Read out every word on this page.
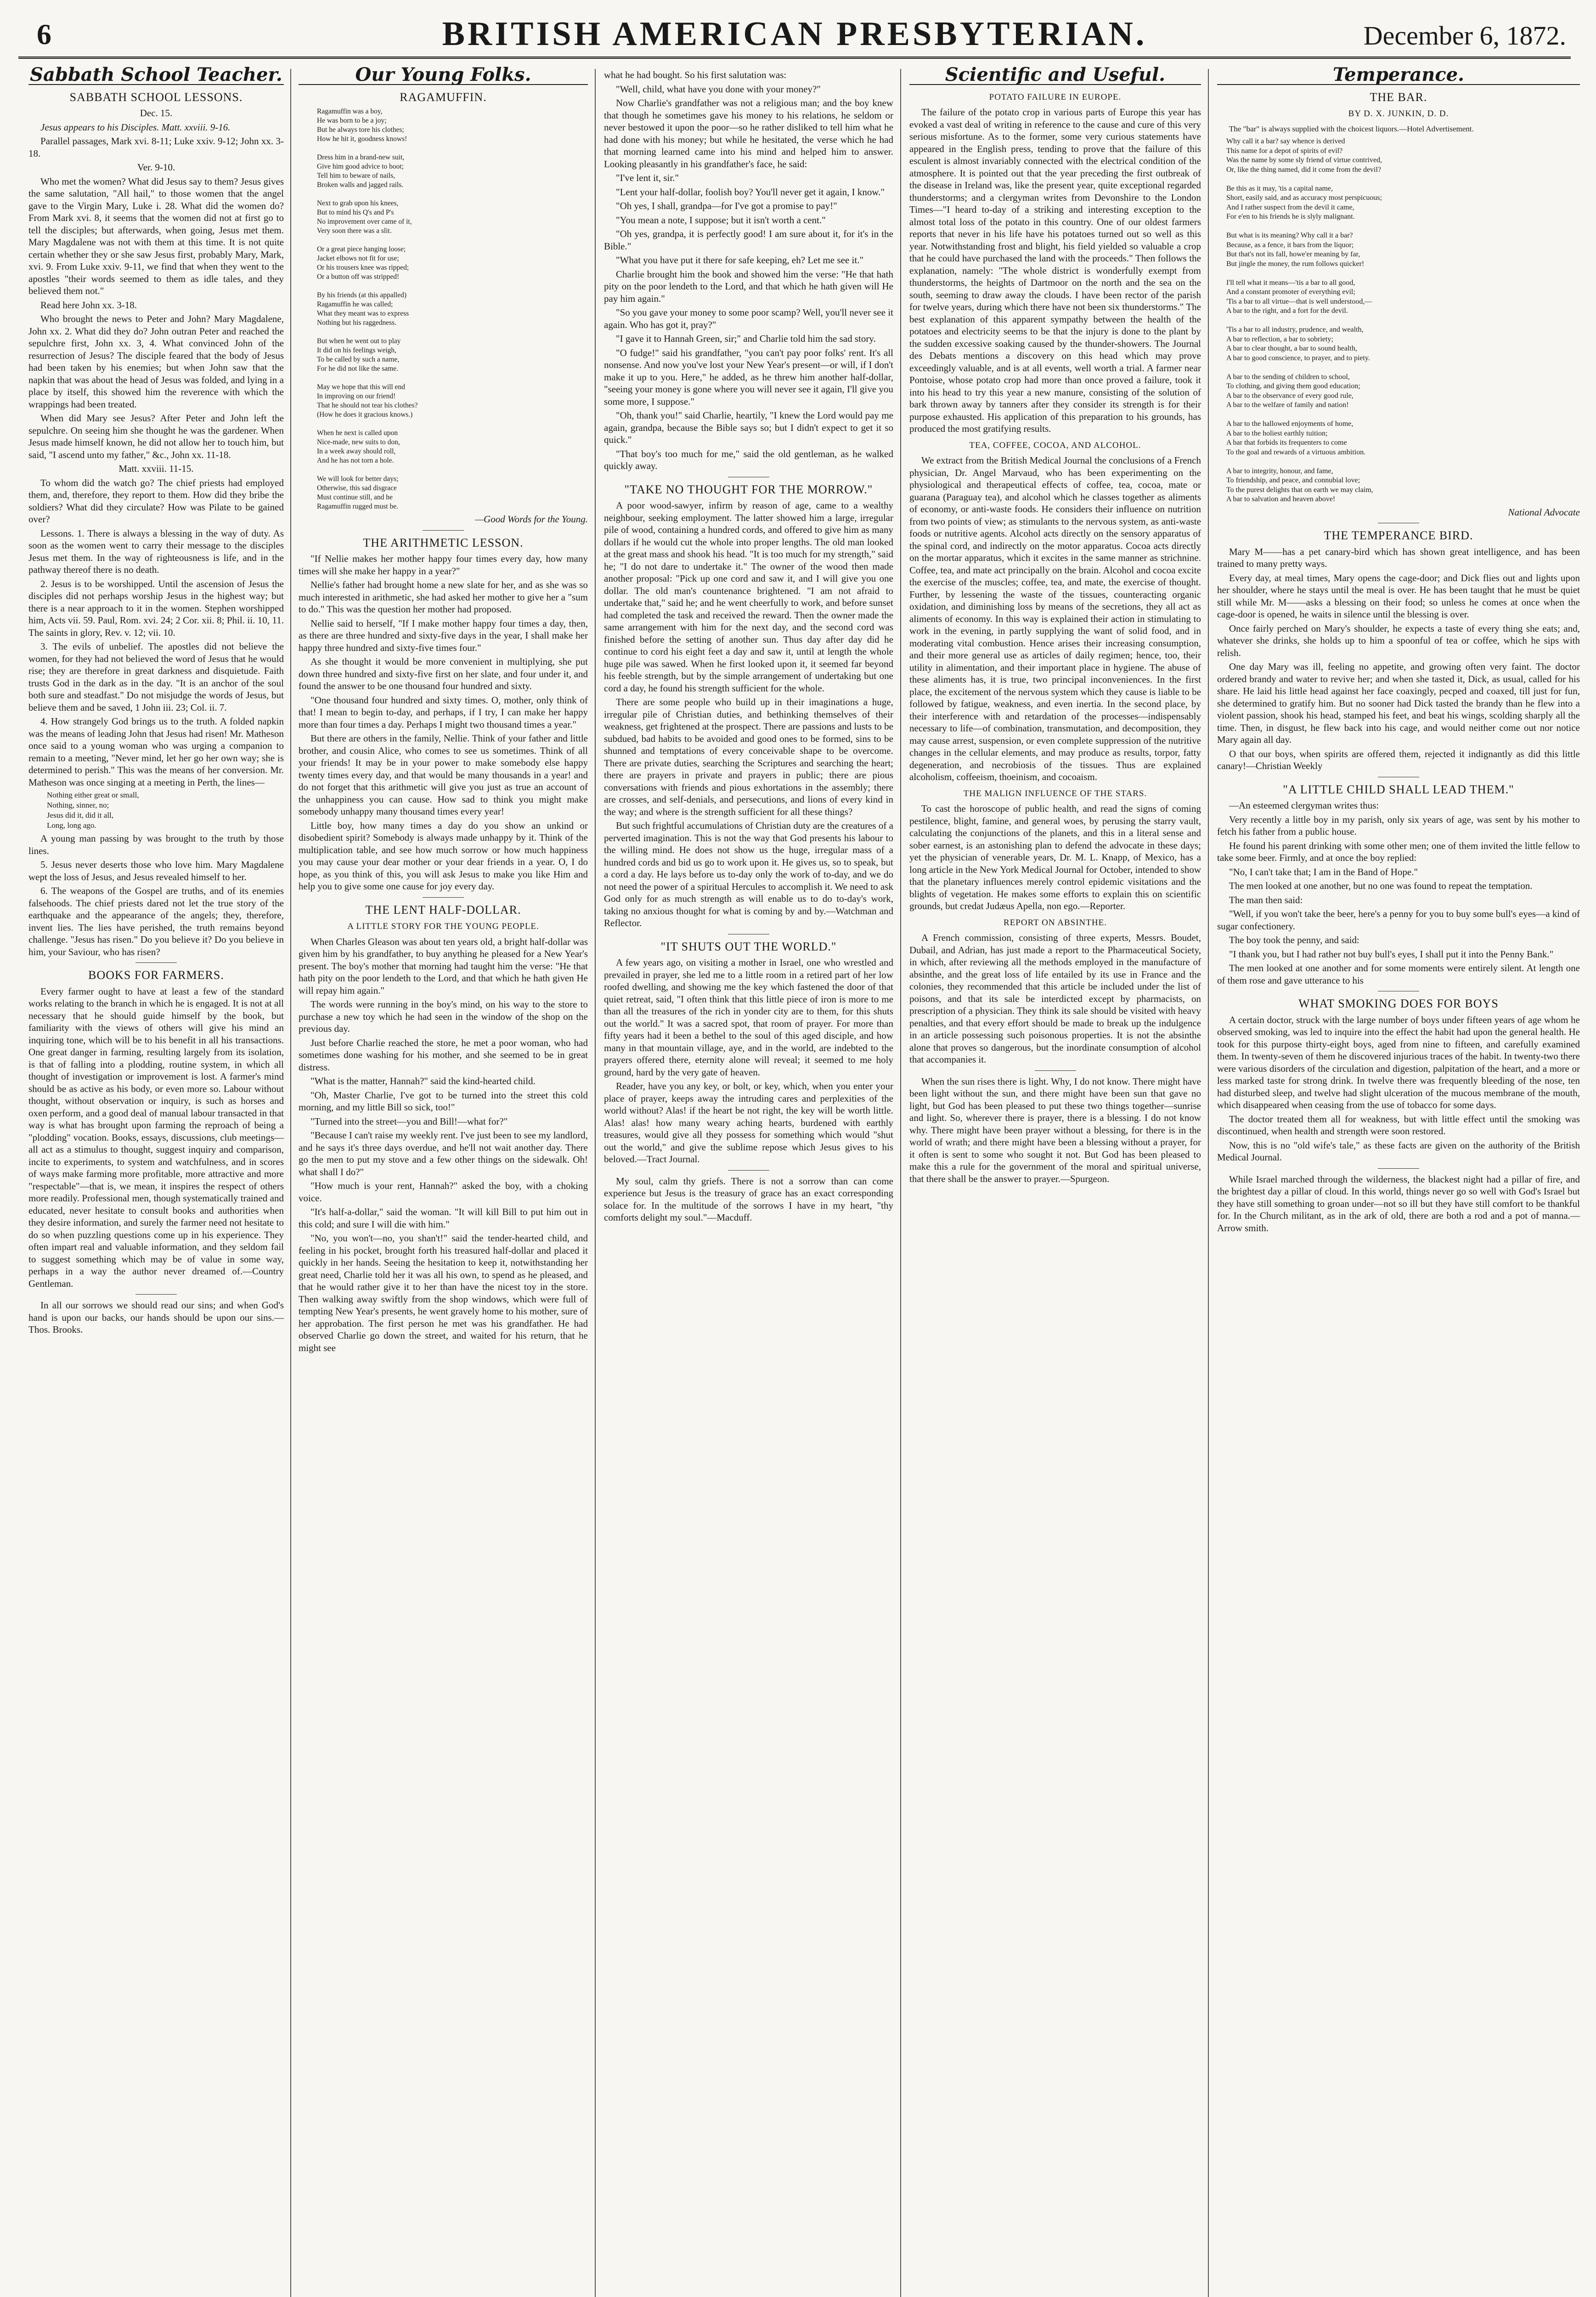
6	BRITISH AMERICAN PRESBYTERIAN.	December 6, 1872.
Sabbath School Teacher.
SABBATH SCHOOL LESSONS.

Dec. 15.

Jesus appears to his Disciples. Matt. xxviii. 9-16.

Parallel passages, Mark xvi. 8-11; Luke xxiv. 9-12; John xx. 3-18.

Ver. 9-10.

Who met the women? What did Jesus say to them? Jesus gives the same salutation, "All hail," to those women that the angel gave to the Virgin Mary, Luke i. 28. What did the women do? From Mark xvi. 8, it seems that the women did not at first go to tell the disciples; but afterwards, when going, Jesus met them. Mary Magdalene was not with them at this time. It is not quite certain whether they or she saw Jesus first, probably Mary, Mark, xvi. 9. From Luke xxiv. 9-11, we find that when they went to the apostles "their words seemed to them as idle tales, and they believed them not."

Read here John xx. 3-18.

Who brought the news to Peter and John? Mary Magdalene, John xx. 2. What did they do? John outran Peter and reached the sepulchre first, John xx. 3, 4. What convinced John of the resurrection of Jesus? The disciple feared that the body of Jesus had been taken by his enemies; but when John saw that the napkin that was about the head of Jesus was folded, and lying in a place by itself, this showed him the reverence with which the wrappings had been treated.

When did Mary see Jesus? After Peter and John left the sepulchre. On seeing him she thought he was the gardener. When Jesus made himself known, he did not allow her to touch him, but said, "I ascend unto my father," &c., John xx. 11-18.

Matt. xxviii. 11-15.

To whom did the watch go? The chief priests had employed them, and, therefore, they report to them. How did they bribe the soldiers? What did they circulate? How was Pilate to be gained over?

Lessons. 1. There is always a blessing in the way of duty. As soon as the women went to carry their message to the disciples Jesus met them. In the way of righteousness is life, and in the pathway thereof there is no death.

2. Jesus is to be worshipped. Until the ascension of Jesus the disciples did not perhaps worship Jesus in the highest way; but there is a near approach to it in the women. Stephen worshipped him, Acts vii. 59. Paul, Rom. xvi. 24; 2 Cor. xii. 8; Phil. ii. 10, 11. The saints in glory, Rev. v. 12; vii. 10.

3. The evils of unbelief. The apostles did not believe the women, for they had not believed the word of Jesus that he would rise; they are therefore in great darkness and disquietude. Faith trusts God in the dark as in the day. "It is an anchor of the soul both sure and steadfast." Do not misjudge the words of Jesus, but believe them and be saved, 1 John iii. 23; Col. ii. 7.

4. How strangely God brings us to the truth. A folded napkin was the means of leading John that Jesus had risen! Mr. Matheson once said to a young woman who was urging a companion to remain to a meeting, "Never mind, let her go her own way; she is determined to perish." This was the means of her conversion. Mr. Matheson was once singing at a meeting in Perth, the lines—

Nothing either great or small,
Nothing, sinner, no;
Jesus did it, did it all,
Long, long ago.

A young man passing by was brought to the truth by those lines.

5. Jesus never deserts those who love him. Mary Magdalene wept the loss of Jesus, and Jesus revealed himself to her.

6. The weapons of the Gospel are truths, and of its enemies falsehoods. The chief priests dared not let the true story of the earthquake and the appearance of the angels; they, therefore, invent lies. The lies have perished, the truth remains beyond challenge. "Jesus has risen." Do you believe it? Do you believe in him, your Saviour, who has risen?

BOOKS FOR FARMERS.

Every farmer ought to have at least a few of the standard works relating to the branch in which he is engaged. It is not at all necessary that he should guide himself by the book, but familiarity with the views of others will give his mind an inquiring tone, which will be to his benefit in all his transactions. One great danger in farming, resulting largely from its isolation, is that of falling into a plodding, routine system, in which all thought of investigation or improvement is lost. A farmer's mind should be as active as his body, or even more so. Labour without thought, without observation or inquiry, is such as horses and oxen perform, and a good deal of manual labour transacted in that way is what has brought upon farming the reproach of being a "plodding" vocation. Books, essays, discussions, club meetings—all act as a stimulus to thought, suggest inquiry and comparison, incite to experiments, to system and watchfulness, and in scores of ways make farming more profitable, more attractive and more "respectable"—that is, we mean, it inspires the respect of others more readily. Professional men, though systematically trained and educated, never hesitate to consult books and authorities when they desire information, and surely the farmer need not hesitate to do so when puzzling questions come up in his experience. They often impart real and valuable information, and they seldom fail to suggest something which may be of value in some way, perhaps in a way the author never dreamed of.—Country Gentleman.

In all our sorrows we should read our sins; and when God's hand is upon our backs, our hands should be upon our sins.—Thos. Brooks.

Our Young Folks.
RAGAMUFFIN.
Ragamuffin was a boy,
He was born to be a joy;
But he always tore his clothes;
How he hit it, goodness knows!

Dress him in a brand-new suit,
Give him good advice to boot;
Tell him to beware of nails,
Broken walls and jagged rails.

Next to grab upon his knees,
But to mind his Q's and P's
No improvement over came of it,
Very soon there was a slit.

Or a great piece hanging loose;
Jacket elbows not fit for use;
Or his trousers knee was ripped;
Or a button off was stripped!

By his friends (at this appalled)
Ragamuffin he was called;
What they meant was to express
Nothing but his raggedness.

But when he went out to play
It did on his feelings weigh,
To be called by such a name,
For he did not like the same.

May we hope that this will end
In improving on our friend!
That he should not tear his clothes?
(How he does it gracious knows.)

When he next is called upon
Nice-made, new suits to don,
In a week away should roll,
And he has not torn a hole.

We will look for better days;
Otherwise, this sad disgrace
Must continue still, and he
Ragamuffin rugged must be.
—Good Words for the Young.
THE ARITHMETIC LESSON.

"If Nellie makes her mother happy four times every day, how many times will she make her happy in a year?"

Nellie's father had brought home a new slate for her, and as she was so much interested in arithmetic, she had asked her mother to give her a "sum to do." This was the question her mother had proposed.

Nellie said to herself, "If I make mother happy four times a day, then, as there are three hundred and sixty-five days in the year, I shall make her happy three hundred and sixty-five times four."

As she thought it would be more convenient in multiplying, she put down three hundred and sixty-five first on her slate, and four under it, and found the answer to be one thousand four hundred and sixty.

"One thousand four hundred and sixty times. O, mother, only think of that! I mean to begin to-day, and perhaps, if I try, I can make her happy more than four times a day. Perhaps I might two thousand times a year."

But there are others in the family, Nellie. Think of your father and little brother, and cousin Alice, who comes to see us sometimes. Think of all your friends! It may be in your power to make somebody else happy twenty times every day, and that would be many thousands in a year! and do not forget that this arithmetic will give you just as true an account of the unhappiness you can cause. How sad to think you might make somebody unhappy many thousand times every year!

Little boy, how many times a day do you show an unkind or disobedient spirit? Somebody is always made unhappy by it. Think of the multiplication table, and see how much sorrow or how much happiness you may cause your dear mother or your dear friends in a year. O, I do hope, as you think of this, you will ask Jesus to make you like Him and help you to give some one cause for joy every day.

THE LENT HALF-DOLLAR.
A LITTLE STORY FOR THE YOUNG PEOPLE.

When Charles Gleason was about ten years old, a bright half-dollar was given him by his grandfather, to buy anything he pleased for a New Year's present. The boy's mother that morning had taught him the verse: "He that hath pity on the poor lendeth to the Lord, and that which he hath given He will repay him again."

The words were running in the boy's mind, on his way to the store to purchase a new toy which he had seen in the window of the shop on the previous day.

Just before Charlie reached the store, he met a poor woman, who had sometimes done washing for his mother, and she seemed to be in great distress.

"What is the matter, Hannah?" said the kind-hearted child.

"Oh, Master Charlie, I've got to be turned into the street this cold morning, and my little Bill so sick, too!"

"Turned into the street—you and Bill!—what for?"

"Because I can't raise my weekly rent. I've just been to see my landlord, and he says it's three days overdue, and he'll not wait another day. There go the men to put my stove and a few other things on the sidewalk. Oh! what shall I do?"

"How much is your rent, Hannah?" asked the boy, with a choking voice.

"It's half-a-dollar," said the woman. "It will kill Bill to put him out in this cold; and sure I will die with him."

"No, you won't—no, you shan't!" said the tender-hearted child, and feeling in his pocket, brought forth his treasured half-dollar and placed it quickly in her hands. Seeing the hesitation to keep it, notwithstanding her great need, Charlie told her it was all his own, to spend as he pleased, and that he would rather give it to her than have the nicest toy in the store. Then walking away swiftly from the shop windows, which were full of tempting New Year's presents, he went gravely home to his mother, sure of her approbation. The first person he met was his grandfather. He had observed Charlie go down the street, and waited for his return, that he might see

what he had bought. So his first salutation was:

"Well, child, what have you done with your money?"

Now Charlie's grandfather was not a religious man; and the boy knew that though he sometimes gave his money to his relations, he seldom or never bestowed it upon the poor—so he rather disliked to tell him what he had done with his money; but while he hesitated, the verse which he had that morning learned came into his mind and helped him to answer. Looking pleasantly in his grandfather's face, he said:

"I've lent it, sir."

"Lent your half-dollar, foolish boy? You'll never get it again, I know."

"Oh yes, I shall, grandpa—for I've got a promise to pay!"

"You mean a note, I suppose; but it isn't worth a cent."

"Oh yes, grandpa, it is perfectly good! I am sure about it, for it's in the Bible."

"What you have put it there for safe keeping, eh? Let me see it."

Charlie brought him the book and showed him the verse: "He that hath pity on the poor lendeth to the Lord, and that which he hath given will He pay him again."

"So you gave your money to some poor scamp? Well, you'll never see it again. Who has got it, pray?"

"I gave it to Hannah Green, sir;" and Charlie told him the sad story.

"O fudge!" said his grandfather, "you can't pay poor folks' rent. It's all nonsense. And now you've lost your New Year's present—or will, if I don't make it up to you. Here," he added, as he threw him another half-dollar, "seeing your money is gone where you will never see it again, I'll give you some more, I suppose."

"Oh, thank you!" said Charlie, heartily, "I knew the Lord would pay me again, grandpa, because the Bible says so; but I didn't expect to get it so quick."

"That boy's too much for me," said the old gentleman, as he walked quickly away.

"TAKE NO THOUGHT FOR THE MORROW."

A poor wood-sawyer, infirm by reason of age, came to a wealthy neighbour, seeking employment. The latter showed him a large, irregular pile of wood, containing a hundred cords, and offered to give him as many dollars if he would cut the whole into proper lengths. The old man looked at the great mass and shook his head. "It is too much for my strength," said he; "I do not dare to undertake it." The owner of the wood then made another proposal: "Pick up one cord and saw it, and I will give you one dollar. The old man's countenance brightened. "I am not afraid to undertake that," said he; and he went cheerfully to work, and before sunset had completed the task and received the reward. Then the owner made the same arrangement with him for the next day, and the second cord was finished before the setting of another sun. Thus day after day did he continue to cord his eight feet a day and saw it, until at length the whole huge pile was sawed. When he first looked upon it, it seemed far beyond his feeble strength, but by the simple arrangement of undertaking but one cord a day, he found his strength sufficient for the whole.

There are some people who build up in their imaginations a huge, irregular pile of Christian duties, and bethinking themselves of their weakness, get frightened at the prospect. There are passions and lusts to be subdued, bad habits to be avoided and good ones to be formed, sins to be shunned and temptations of every conceivable shape to be overcome. There are private duties, searching the Scriptures and searching the heart; there are prayers in private and prayers in public; there are pious conversations with friends and pious exhortations in the assembly; there are crosses, and self-denials, and persecutions, and lions of every kind in the way; and where is the strength sufficient for all these things?

But such frightful accumulations of Christian duty are the creatures of a perverted imagination. This is not the way that God presents his labour to the willing mind. He does not show us the huge, irregular mass of a hundred cords and bid us go to work upon it. He gives us, so to speak, but a cord a day. He lays before us to-day only the work of to-day, and we do not need the power of a spiritual Hercules to accomplish it. We need to ask God only for as much strength as will enable us to do to-day's work, taking no anxious thought for what is coming by and by.—Watchman and Reflector.

"IT SHUTS OUT THE WORLD."

A few years ago, on visiting a mother in Israel, one who wrestled and prevailed in prayer, she led me to a little room in a retired part of her low roofed dwelling, and showing me the key which fastened the door of that quiet retreat, said, "I often think that this little piece of iron is more to me than all the treasures of the rich in yonder city are to them, for this shuts out the world." It was a sacred spot, that room of prayer. For more than fifty years had it been a bethel to the soul of this aged disciple, and how many in that mountain village, aye, and in the world, are indebted to the prayers offered there, eternity alone will reveal; it seemed to me holy ground, hard by the very gate of heaven.

Reader, have you any key, or bolt, or key, which, when you enter your place of prayer, keeps away the intruding cares and perplexities of the world without? Alas! if the heart be not right, the key will be worth little. Alas! alas! how many weary aching hearts, burdened with earthly treasures, would give all they possess for something which would "shut out the world," and give the sublime repose which Jesus gives to his beloved.—Tract Journal.

My soul, calm thy griefs. There is not a sorrow than can come experience but Jesus is the treasury of grace has an exact corresponding solace for. In the multitude of the sorrows I have in my heart, "thy comforts delight my soul."—Macduff.

Scientific and Useful.
POTATO FAILURE IN EUROPE.

The failure of the potato crop in various parts of Europe this year has evoked a vast deal of writing in reference to the cause and cure of this very serious misfortune. As to the former, some very curious statements have appeared in the English press, tending to prove that the failure of this esculent is almost invariably connected with the electrical condition of the atmosphere. It is pointed out that the year preceding the first outbreak of the disease in Ireland was, like the present year, quite exceptional regarded thunderstorms; and a clergyman writes from Devonshire to the London Times—"I heard to-day of a striking and interesting exception to the almost total loss of the potato in this country. One of our oldest farmers reports that never in his life have his potatoes turned out so well as this year. Notwithstanding frost and blight, his field yielded so valuable a crop that he could have purchased the land with the proceeds." Then follows the explanation, namely: "The whole district is wonderfully exempt from thunderstorms, the heights of Dartmoor on the north and the sea on the south, seeming to draw away the clouds. I have been rector of the parish for twelve years, during which there have not been six thunderstorms." The best explanation of this apparent sympathy between the health of the potatoes and electricity seems to be that the injury is done to the plant by the sudden excessive soaking caused by the thunder-showers. The Journal des Debats mentions a discovery on this head which may prove exceedingly valuable, and is at all events, well worth a trial. A farmer near Pontoise, whose potato crop had more than once proved a failure, took it into his head to try this year a new manure, consisting of the solution of bark thrown away by tanners after they consider its strength is for their purpose exhausted. His application of this preparation to his grounds, has produced the most gratifying results.

TEA, COFFEE, COCOA, AND ALCOHOL.

We extract from the British Medical Journal the conclusions of a French physician, Dr. Angel Marvaud, who has been experimenting on the physiological and therapeutical effects of coffee, tea, cocoa, mate or guarana (Paraguay tea), and alcohol which he classes together as aliments of economy, or anti-waste foods. He considers their influence on nutrition from two points of view; as stimulants to the nervous system, as anti-waste foods or nutritive agents. Alcohol acts directly on the sensory apparatus of the spinal cord, and indirectly on the motor apparatus. Cocoa acts directly on the mortar apparatus, which it excites in the same manner as strichnine. Coffee, tea, and mate act principally on the brain. Alcohol and cocoa excite the exercise of the muscles; coffee, tea, and mate, the exercise of thought. Further, by lessening the waste of the tissues, counteracting organic oxidation, and diminishing loss by means of the secretions, they all act as aliments of economy. In this way is explained their action in stimulating to work in the evening, in partly supplying the want of solid food, and in moderating vital combustion. Hence arises their increasing consumption, and their more general use as articles of daily regimen; hence, too, their utility in alimentation, and their important place in hygiene. The abuse of these aliments has, it is true, two principal inconveniences. In the first place, the excitement of the nervous system which they cause is liable to be followed by fatigue, weakness, and even inertia. In the second place, by their interference with and retardation of the processes—indispensably necessary to life—of combination, transmutation, and decomposition, they may cause arrest, suspension, or even complete suppression of the nutritive changes in the cellular elements, and may produce as results, torpor, fatty degeneration, and necrobiosis of the tissues. Thus are explained alcoholism, coffeeism, thoeinism, and cocoaism.

THE MALIGN INFLUENCE OF THE STARS.

To cast the horoscope of public health, and read the signs of coming pestilence, blight, famine, and general woes, by perusing the starry vault, calculating the conjunctions of the planets, and this in a literal sense and sober earnest, is an astonishing plan to defend the advocate in these days; yet the physician of venerable years, Dr. M. L. Knapp, of Mexico, has a long article in the New York Medical Journal for October, intended to show that the planetary influences merely control epidemic visitations and the blights of vegetation. He makes some efforts to explain this on scientific grounds, but credat Judæus Apella, non ego.—Reporter.

REPORT ON ABSINTHE.

A French commission, consisting of three experts, Messrs. Boudet, Dubail, and Adrian, has just made a report to the Pharmaceutical Society, in which, after reviewing all the methods employed in the manufacture of absinthe, and the great loss of life entailed by its use in France and the colonies, they recommended that this article be included under the list of poisons, and that its sale be interdicted except by pharmacists, on prescription of a physician. They think its sale should be visited with heavy penalties, and that every effort should be made to break up the indulgence in an article possessing such poisonous properties. It is not the absinthe alone that proves so dangerous, but the inordinate consumption of alcohol that accompanies it.

When the sun rises there is light. Why, I do not know. There might have been light without the sun, and there might have been sun that gave no light, but God has been pleased to put these two things together—sunrise and light. So, wherever there is prayer, there is a blessing. I do not know why. There might have been prayer without a blessing, for there is in the world of wrath; and there might have been a blessing without a prayer, for it often is sent to some who sought it not. But God has been pleased to make this a rule for the government of the moral and spiritual universe, that there shall be the answer to prayer.—Spurgeon.

Temperance.
THE BAR.
BY D. X. JUNKIN, D. D.

The "bar" is always supplied with the choicest liquors.—Hotel Advertisement.

Why call it a bar? say whence is derived
This name for a depot of spirits of evil?
Was the name by some sly friend of virtue contrived,
Or, like the thing named, did it come from the devil?

Be this as it may, 'tis a capital name,
Short, easily said, and as accuracy most perspicuous;
And I rather suspect from the devil it came,
For e'en to his friends he is slyly malignant.

But what is its meaning? Why call it a bar?
Because, as a fence, it bars from the liquor;
But that's not its fall, howe'er meaning by far,
But jingle the money, the rum follows quicker!

I'll tell what it means—'tis a bar to all good,
And a constant promoter of everything evil;
'Tis a bar to all virtue—that is well understood,—
A bar to the right, and a fort for the devil.

'Tis a bar to all industry, prudence, and wealth,
A bar to reflection, a bar to sobriety;
A bar to clear thought, a bar to sound health,
A bar to good conscience, to prayer, and to piety.

A bar to the sending of children to school,
To clothing, and giving them good education;
A bar to the observance of every good rule,
A bar to the welfare of family and nation!

A bar to the hallowed enjoyments of home,
A bar to the holiest earthly tuition;
A bar that forbids its frequenters to come
To the goal and rewards of a virtuous ambition.

A bar to integrity, honour, and fame,
To friendship, and peace, and connubial love;
To the purest delights that on earth we may claim,
A bar to salvation and heaven above!
National Advocate
THE TEMPERANCE BIRD.

Mary M——has a pet canary-bird which has shown great intelligence, and has been trained to many pretty ways.

Every day, at meal times, Mary opens the cage-door; and Dick flies out and lights upon her shoulder, where he stays until the meal is over. He has been taught that he must be quiet still while Mr. M——asks a blessing on their food; so unless he comes at once when the cage-door is opened, he waits in silence until the blessing is over.

Once fairly perched on Mary's shoulder, he expects a taste of every thing she eats; and, whatever she drinks, she holds up to him a spoonful of tea or coffee, which he sips with relish.

One day Mary was ill, feeling no appetite, and growing often very faint. The doctor ordered brandy and water to revive her; and when she tasted it, Dick, as usual, called for his share. He laid his little head against her face coaxingly, pecped and coaxed, till just for fun, she determined to gratify him. But no sooner had Dick tasted the brandy than he flew into a violent passion, shook his head, stamped his feet, and beat his wings, scolding sharply all the time. Then, in disgust, he flew back into his cage, and would neither come out nor notice Mary again all day.

O that our boys, when spirits are offered them, rejected it indignantly as did this little canary!—Christian Weekly

"A LITTLE CHILD SHALL LEAD THEM."

—An esteemed clergyman writes thus:

Very recently a little boy in my parish, only six years of age, was sent by his mother to fetch his father from a public house.

He found his parent drinking with some other men; one of them invited the little fellow to take some beer. Firmly, and at once the boy replied:

"No, I can't take that; I am in the Band of Hope."

The men looked at one another, but no one was found to repeat the temptation.

The man then said:

"Well, if you won't take the beer, here's a penny for you to buy some bull's eyes—a kind of sugar confectionery.

The boy took the penny, and said:

"I thank you, but I had rather not buy bull's eyes, I shall put it into the Penny Bank."

The men looked at one another and for some moments were entirely silent. At length one of them rose and gave utterance to his

WHAT SMOKING DOES FOR BOYS

A certain doctor, struck with the large number of boys under fifteen years of age whom he observed smoking, was led to inquire into the effect the habit had upon the general health. He took for this purpose thirty-eight boys, aged from nine to fifteen, and carefully examined them. In twenty-seven of them he discovered injurious traces of the habit. In twenty-two there were various disorders of the circulation and digestion, palpitation of the heart, and a more or less marked taste for strong drink. In twelve there was frequently bleeding of the nose, ten had disturbed sleep, and twelve had slight ulceration of the mucous membrane of the mouth, which disappeared when ceasing from the use of tobacco for some days.

The doctor treated them all for weakness, but with little effect until the smoking was discontinued, when health and strength were soon restored.

Now, this is no "old wife's tale," as these facts are given on the authority of the British Medical Journal.

While Israel marched through the wilderness, the blackest night had a pillar of fire, and the brightest day a pillar of cloud. In this world, things never go so well with God's Israel but they have still something to groan under—not so ill but they have still comfort to be thankful for. In the Church militant, as in the ark of old, there are both a rod and a pot of manna.—Arrow smith.
